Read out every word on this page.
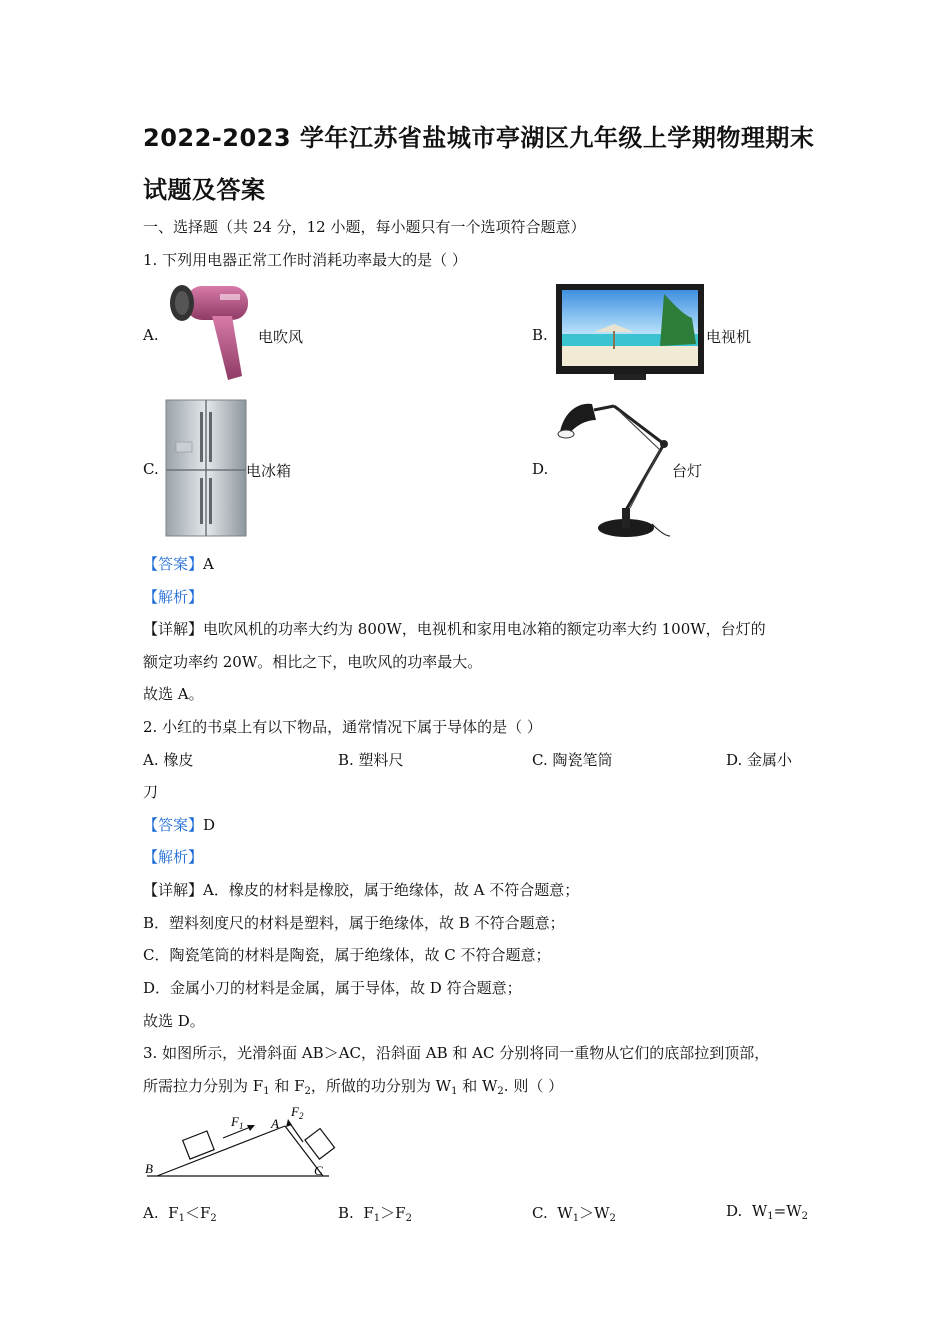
2022-2023 学年江苏省盐城市亭湖区九年级上学期物理期末
试题及答案
一、选择题（共 24 分，12 小题，每小题只有一个选项符合题意）
1. 下列用电器正常工作时消耗功率最大的是（ ）
A.	电吹风	B.	电视机
C.	电冰箱	D.	台灯
【答案】A
【解析】
【详解】电吹风机的功率大约为 800W，电视机和家用电冰箱的额定功率大约 100W，台灯的
额定功率约 20W。相比之下，电吹风的功率最大。
故选 A。
2. 小红的书桌上有以下物品，通常情况下属于导体的是（ ）
A. 橡皮	B. 塑料尺	C. 陶瓷笔筒	D. 金属小
刀
【答案】D
【解析】
【详解】A．橡皮的材料是橡胶，属于绝缘体，故 A 不符合题意；
B．塑料刻度尺的材料是塑料，属于绝缘体，故 B 不符合题意；
C．陶瓷笔筒的材料是陶瓷，属于绝缘体，故 C 不符合题意；
D．金属小刀的材料是金属，属于导体，故 D 符合题意；
故选 D。
3. 如图所示，光滑斜面 AB＞AC，沿斜面 AB 和 AC 分别将同一重物从它们的底部拉到顶部，
所需拉力分别为 $F_1$ 和 $F_2$，所做的功分别为 $W_1$ 和 $W_2$. 则（ ）
$F_1$ A
$F_2$
B	C
A. $F_1<F_2$	B. $F_1>F_2$	C. $W_1>W_2$	D. $W_1=W_2$
